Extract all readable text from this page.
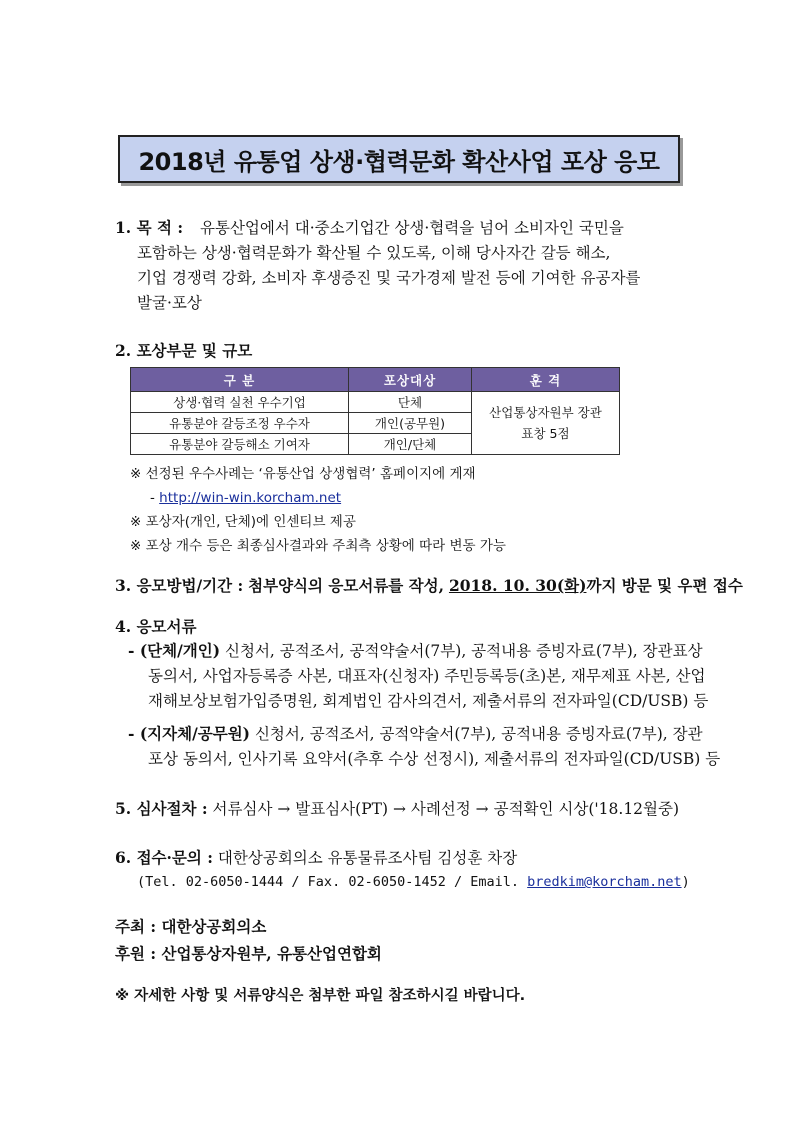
2018년 유통업 상생·협력문화 확산사업 포상 응모
1. 목 적 : 유통산업에서 대·중소기업간 상생·협력을 넘어 소비자인 국민을
포함하는 상생·협력문화가 확산될 수 있도록, 이해 당사자간 갈등 해소,
기업 경쟁력 강화, 소비자 후생증진 및 국가경제 발전 등에 기여한 유공자를
발굴·포상
2. 포상부문 및 규모
구 분	포상대상	훈 격
상생·협력 실천 우수기업	단체	산업통상자원부 장관
표창 5점

유통분야 갈등조정 우수자	개인(공무원)	
유통분야 갈등해소 기여자	개인/단체	
※ 선정된 우수사례는 ‘유통산업 상생협력’ 홈페이지에 게재
- http://win-win.korcham.net
※ 포상자(개인, 단체)에 인센티브 제공
※ 포상 개수 등은 최종심사결과와 주최측 상황에 따라 변동 가능
3. 응모방법/기간 : 첨부양식의 응모서류를 작성, 2018. 10. 30(화)까지 방문 및 우편 접수
4. 응모서류
- (단체/개인) 신청서, 공적조서, 공적약술서(7부), 공적내용 증빙자료(7부), 장관표상
동의서, 사업자등록증 사본, 대표자(신청자) 주민등록등(초)본, 재무제표 사본, 산업
재해보상보험가입증명원, 회계법인 감사의견서, 제출서류의 전자파일(CD/USB) 등
- (지자체/공무원) 신청서, 공적조서, 공적약술서(7부), 공적내용 증빙자료(7부), 장관
포상 동의서, 인사기록 요약서(추후 수상 선정시), 제출서류의 전자파일(CD/USB) 등
5. 심사절차 : 서류심사 → 발표심사(PT) → 사례선정 → 공적확인 시상('18.12월중)
6. 접수·문의 : 대한상공회의소 유통물류조사팀 김성훈 차장
(Tel. 02-6050-1444 / Fax. 02-6050-1452 / Email. bredkim@korcham.net)
주최 : 대한상공회의소
후원 : 산업통상자원부, 유통산업연합회
※ 자세한 사항 및 서류양식은 첨부한 파일 참조하시길 바랍니다.
